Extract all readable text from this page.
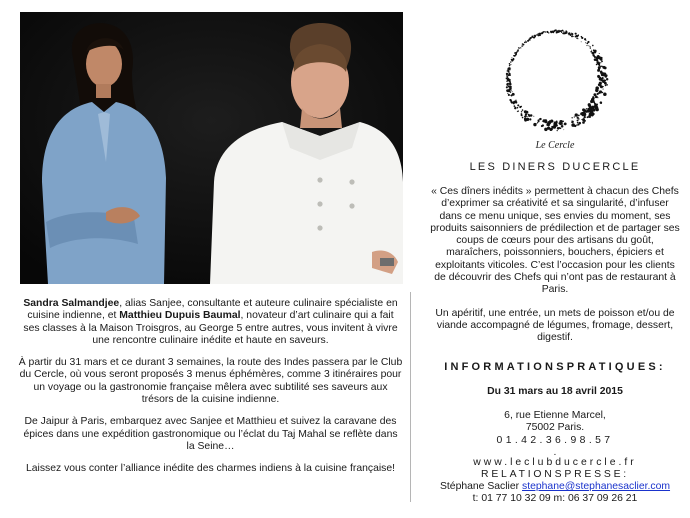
Sandra Salmandjee, alias Sanjee, consultante et auteure culinaire spécialiste en cuisine indienne, et Matthieu Dupuis Baumal, novateur d’art culinaire qui a fait ses classes à la Maison Troisgros, au George 5 entre autres, vous invitent à vivre une rencontre culinaire inédite et haute en saveurs.

À partir du 31 mars et ce durant 3 semaines, la route des Indes passera par le Club du Cercle, où vous seront proposés 3 menus éphémères, comme 3 itinéraires pour un voyage ou la gastronomie française mêlera avec subtilité ses saveurs aux trésors de la cuisine indienne.

De Jaipur à Paris, embarquez avec Sanjee et Matthieu et suivez la caravane des épices dans une expédition gastronomique ou l’éclat du Taj Mahal se reflète dans la Seine…

Laissez vous conter l’alliance inédite des charmes indiens à la cuisine française!

Le Cercle
LES DINERS DUCERCLE

« Ces dîners inédits » permettent à chacun des Chefs d’exprimer sa créativité et sa singularité, d’infuser dans ce menu unique, ses envies du moment, ses produits saisonniers de prédilection et de partager ses coups de cœurs pour des artisans du goût, maraîchers, poissonniers, bouchers, épiciers et exploitants viticoles. C’est l’occasion pour les clients de découvrir des Chefs qui n’ont pas de restaurant à Paris.

Un apéritif, une entrée, un mets de poisson et/ou de viande accompagné de légumes, fromage, dessert, digestif.

INFORMATIONSPRATIQUES:
Du 31 mars au 18 avril 2015
6, rue Etienne Marcel,
75002 Paris.
01.42.36.98.57
.
www.leclubducercle.fr
RELATIONSPRESSE:
Stéphane Saclier stephane@stephanesaclier.com
t: 01 77 10 32 09 m: 06 37 09 26 21
